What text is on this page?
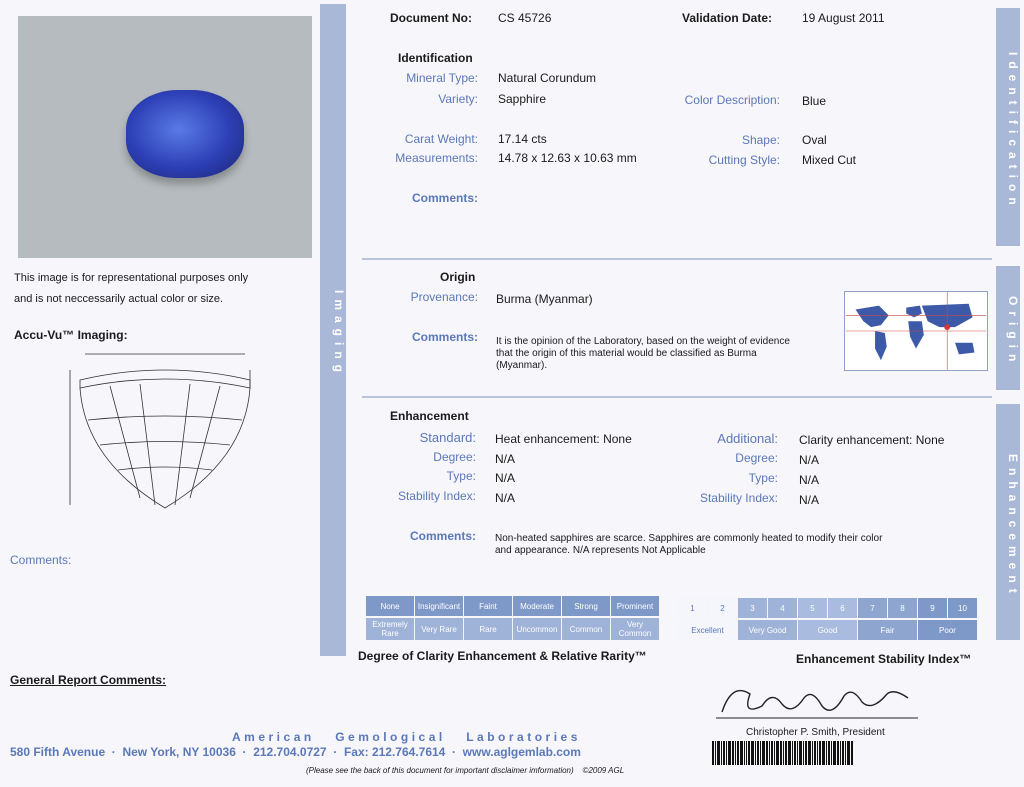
This image is for representational purposes only
and is not neccessarily actual color or size.
Accu-Vu™ Imaging:
Comments:
General Report Comments:
Imaging
Identification
Origin
Enhancement
Document No: CS 45726	Validation Date: 19 August 2011
Identification
Mineral Type: Natural Corundum
Variety: Sapphire	Color Description: Blue
Carat Weight: 17.14 cts	Shape: Oval
Measurements: 14.78 x 12.63 x 10.63 mm	Cutting Style: Mixed Cut
Comments:
Origin
Provenance: Burma (Myanmar)
Comments: It is the opinion of the Laboratory, based on the weight of evidence
that the origin of this material would be classified as Burma
(Myanmar).
Enhancement
Standard: Heat enhancement: None	Additional: Clarity enhancement: None
Degree: N/A	Degree: N/A
Type: N/A	Type: N/A
Stability Index: N/A	Stability Index: N/A
Comments: Non-heated sapphires are scarce. Sapphires are commonly heated to modify their color
and appearance. N/A represents Not Applicable
None	Insignificant	Faint	Moderate	Strong	Prominent
Extremely Rare	Very Rare	Rare	Uncommon	Common	Very Common
Degree of Clarity Enhancement & Relative Rarity™
1	2	3	4	5	6	7	8	9	10
Excellent	Very Good	Good	Fair	Poor
Enhancement Stability Index™
Christopher P. Smith, President
American   Gemological   Laboratories
580 Fifth Avenue  ·  New York, NY 10036  ·  212.704.0727  ·  Fax: 212.764.7614  ·  www.aglgemlab.com
(Please see the back of this document for important disclaimer imformation)    ©2009 AGL
